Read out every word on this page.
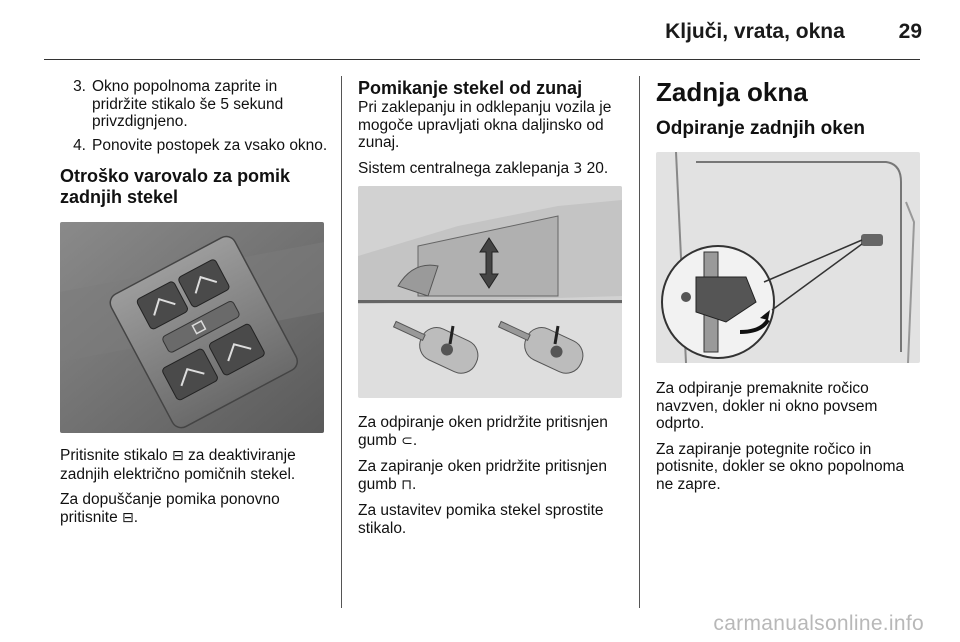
Ključi, vrata, okna	29
3. Okno popolnoma zaprite in pridržite stikalo še 5 sekund privzdignjeno.
4. Ponovite postopek za vsako okno.
Otroško varovalo za pomik zadnjih stekel

Pritisnite stikalo ⊟ za deaktiviranje zadnjih električno pomičnih stekel.

Za dopuščanje pomika ponovno pritisnite ⊟.

Pomikanje stekel od zunaj

Pri zaklepanju in odklepanju vozila je mogoče upravljati okna daljinsko od zunaj.

Sistem centralnega zaklepanja 3 20.

Za odpiranje oken pridržite pritisnjen gumb ⊂.

Za zapiranje oken pridržite pritisnjen gumb ⊓.

Za ustavitev pomika stekel sprostite stikalo.

Zadnja okna
Odpiranje zadnjih oken

Za odpiranje premaknite ročico navzven, dokler ni okno povsem odprto.

Za zapiranje potegnite ročico in potisnite, dokler se okno popolnoma ne zapre.

carmanualsonline.info
